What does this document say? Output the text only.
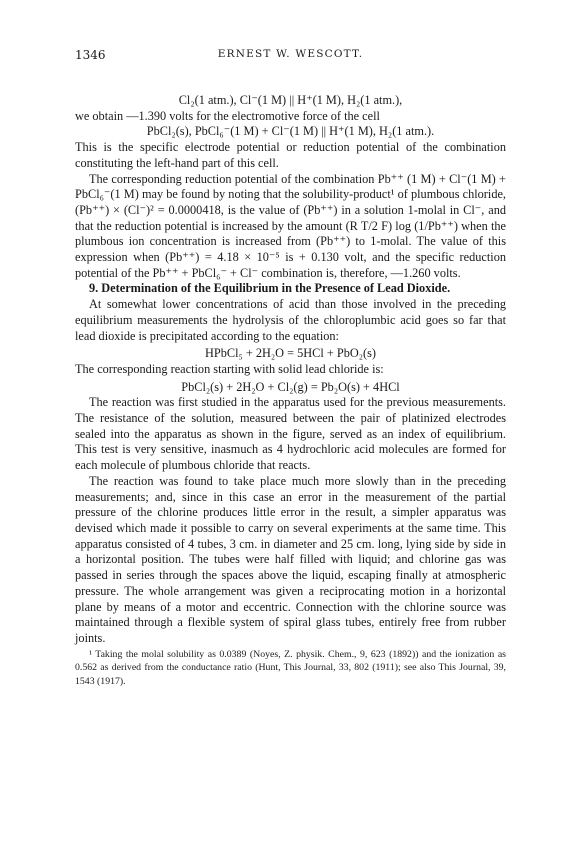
1346	ERNEST W. WESCOTT.

Cl₂(1 atm.), Cl⁻(1 M) || H⁺(1 M), H₂(1 atm.),

we obtain —1.390 volts for the electromotive force of the cell

PbCl₂(s), PbCl₆⁻(1 M) + Cl⁻(1 M) || H⁺(1 M), H₂(1 atm.).

This is the specific electrode potential or reduction potential of the combination constituting the left-hand part of this cell.

The corresponding reduction potential of the combination Pb⁺⁺ (1 M) + Cl⁻(1 M) + PbCl₆⁻(1 M) may be found by noting that the solubility-product¹ of plumbous chloride, (Pb⁺⁺) × (Cl⁻)² = 0.0000418, is the value of (Pb⁺⁺) in a solution 1-molal in Cl⁻, and that the reduction potential is increased by the amount (R T/2 F) log (1/Pb⁺⁺) when the plumbous ion concentration is increased from (Pb⁺⁺) to 1-molal. The value of this expression when (Pb⁺⁺) = 4.18 × 10⁻⁵ is + 0.130 volt, and the specific reduction potential of the Pb⁺⁺ + PbCl₆⁻ + Cl⁻ combination is, therefore, —1.260 volts.

9. Determination of the Equilibrium in the Presence of Lead Dioxide.

At somewhat lower concentrations of acid than those involved in the preceding equilibrium measurements the hydrolysis of the chloroplumbic acid goes so far that lead dioxide is precipitated according to the equation:

HPbCl₅ + 2H₂O = 5HCl + PbO₂(s)

The corresponding reaction starting with solid lead chloride is:

PbCl₂(s) + 2H₂O + Cl₂(g) = Pb₂O(s) + 4HCl

The reaction was first studied in the apparatus used for the previous measurements. The resistance of the solution, measured between the pair of platinized electrodes sealed into the apparatus as shown in the figure, served as an index of equilibrium. This test is very sensitive, inasmuch as 4 hydrochloric acid molecules are formed for each molecule of plumbous chloride that reacts.

The reaction was found to take place much more slowly than in the preceding measurements; and, since in this case an error in the measurement of the partial pressure of the chlorine produces little error in the result, a simpler apparatus was devised which made it possible to carry on several experiments at the same time. This apparatus consisted of 4 tubes, 3 cm. in diameter and 25 cm. long, lying side by side in a horizontal position. The tubes were half filled with liquid; and chlorine gas was passed in series through the spaces above the liquid, escaping finally at atmospheric pressure. The whole arrangement was given a reciprocating motion in a horizontal plane by means of a motor and eccentric. Connection with the chlorine source was maintained through a flexible system of spiral glass tubes, entirely free from rubber joints.

¹ Taking the molal solubility as 0.0389 (Noyes, Z. physik. Chem., 9, 623 (1892)) and the ionization as 0.562 as derived from the conductance ratio (Hunt, This Journal, 33, 802 (1911); see also This Journal, 39, 1543 (1917).
